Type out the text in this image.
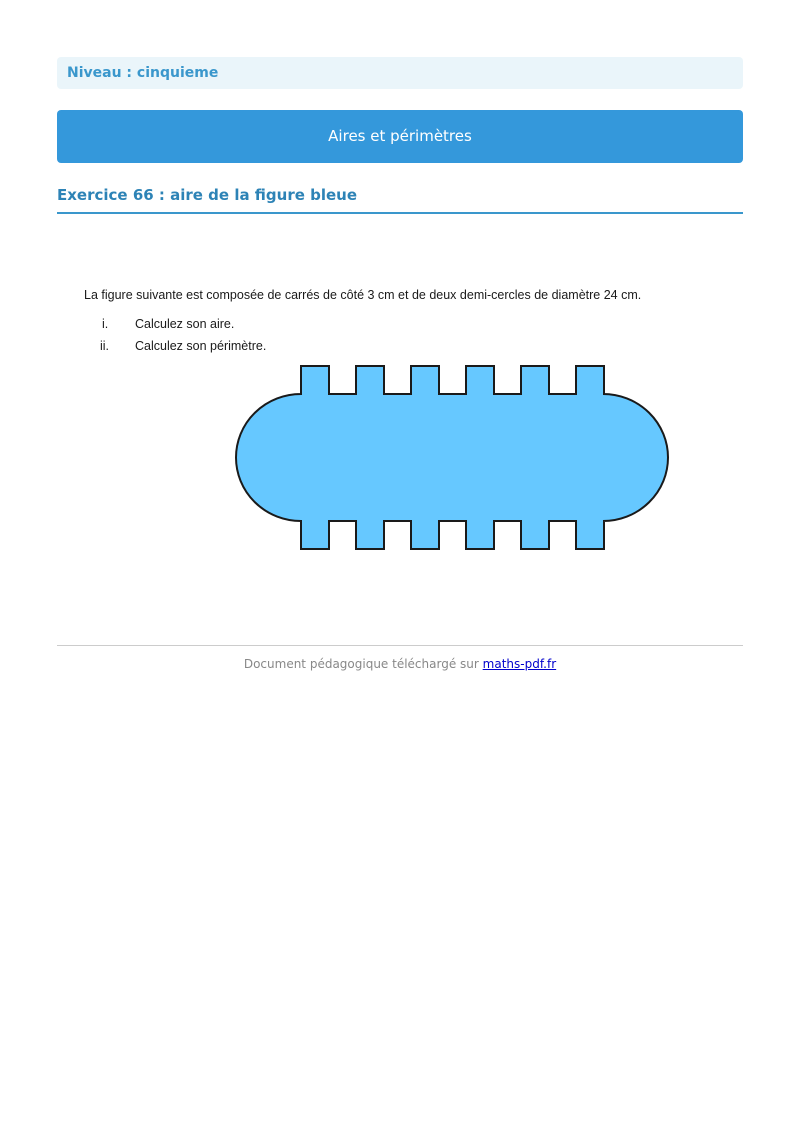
Niveau : cinquieme
Aires et périmètres
Exercice 66 : aire de la figure bleue
La figure suivante est composée de carrés de côté 3 cm et de deux demi-cercles de diamètre 24 cm.
i. Calculez son aire.
ii. Calculez son périmètre.
Document pédagogique téléchargé sur maths-pdf.fr
